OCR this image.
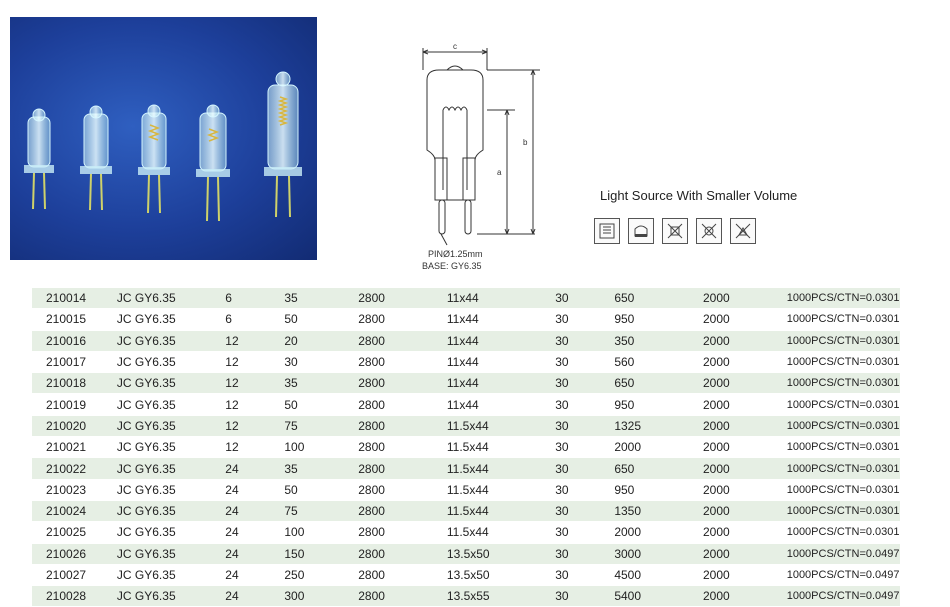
c
a
b
PINØ1.25mm
BASE: GY6.35
Light Source With Smaller Volume
210014	JC GY6.35	6	35	2800	11x44	30	650	2000	1000PCS/CTN=0.0301
210015	JC GY6.35	6	50	2800	11x44	30	950	2000	1000PCS/CTN=0.0301
210016	JC GY6.35	12	20	2800	11x44	30	350	2000	1000PCS/CTN=0.0301
210017	JC GY6.35	12	30	2800	11x44	30	560	2000	1000PCS/CTN=0.0301
210018	JC GY6.35	12	35	2800	11x44	30	650	2000	1000PCS/CTN=0.0301
210019	JC GY6.35	12	50	2800	11x44	30	950	2000	1000PCS/CTN=0.0301
210020	JC GY6.35	12	75	2800	11.5x44	30	1325	2000	1000PCS/CTN=0.0301
210021	JC GY6.35	12	100	2800	11.5x44	30	2000	2000	1000PCS/CTN=0.0301
210022	JC GY6.35	24	35	2800	11.5x44	30	650	2000	1000PCS/CTN=0.0301
210023	JC GY6.35	24	50	2800	11.5x44	30	950	2000	1000PCS/CTN=0.0301
210024	JC GY6.35	24	75	2800	11.5x44	30	1350	2000	1000PCS/CTN=0.0301
210025	JC GY6.35	24	100	2800	11.5x44	30	2000	2000	1000PCS/CTN=0.0301
210026	JC GY6.35	24	150	2800	13.5x50	30	3000	2000	1000PCS/CTN=0.0497
210027	JC GY6.35	24	250	2800	13.5x50	30	4500	2000	1000PCS/CTN=0.0497
210028	JC GY6.35	24	300	2800	13.5x55	30	5400	2000	1000PCS/CTN=0.0497
